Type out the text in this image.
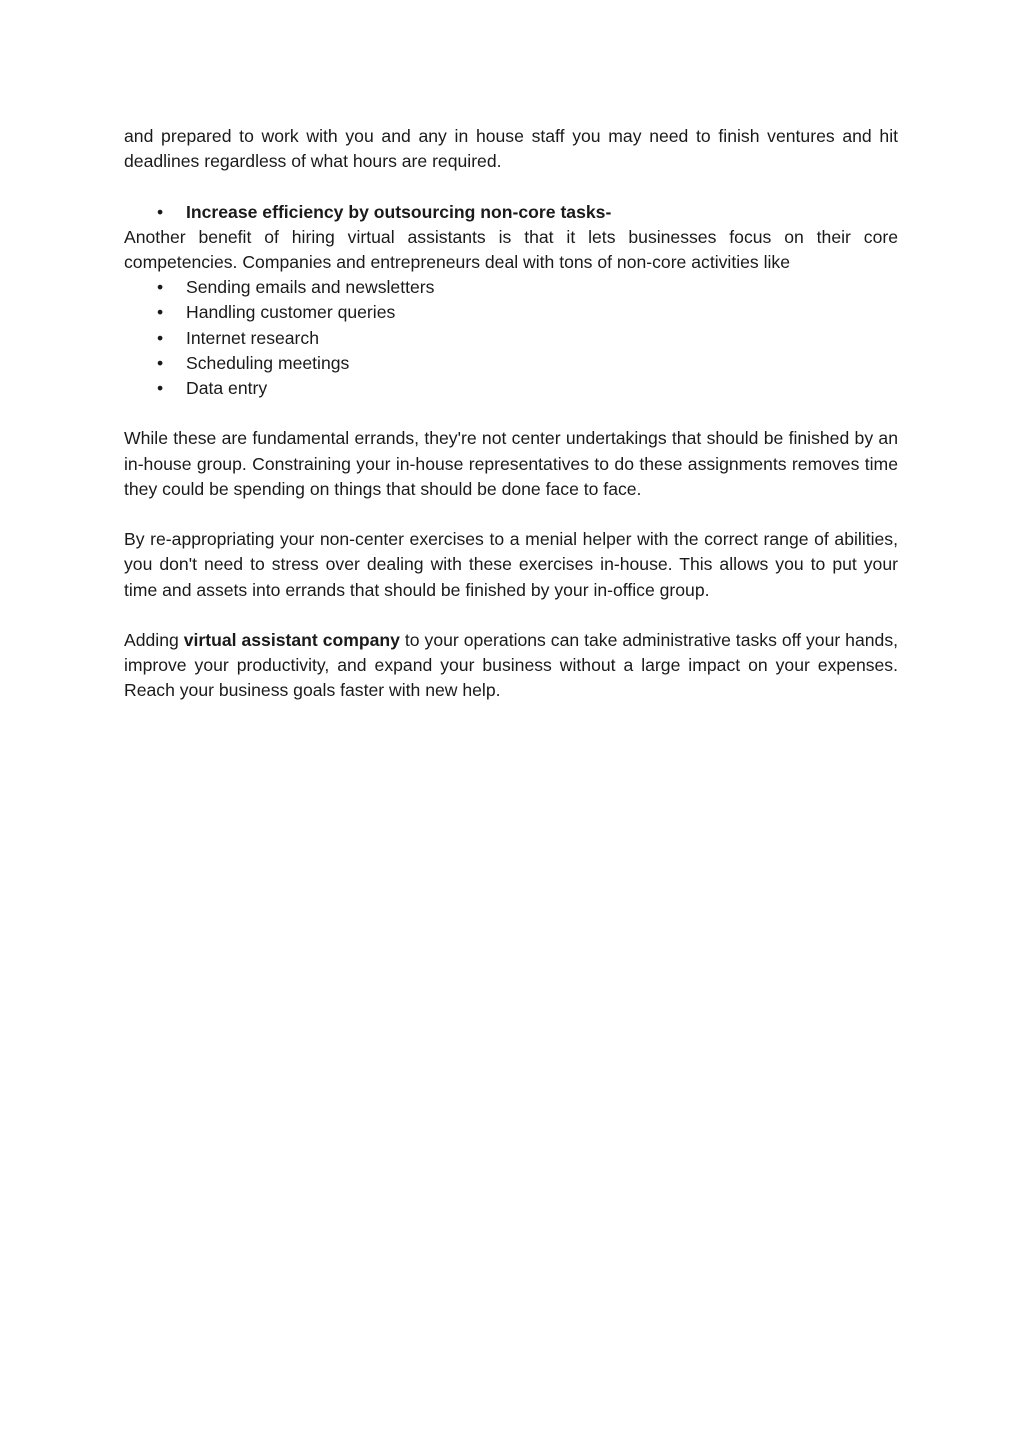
and prepared to work with you and any in house staff you may need to finish ventures and hit deadlines regardless of what hours are required.

• Increase efficiency by outsourcing non-core tasks-

Another benefit of hiring virtual assistants is that it lets businesses focus on their core competencies. Companies and entrepreneurs deal with tons of non-core activities like

• Sending emails and newsletters
• Handling customer queries
• Internet research
• Scheduling meetings
• Data entry

While these are fundamental errands, they're not center undertakings that should be finished by an in-house group. Constraining your in-house representatives to do these assignments removes time they could be spending on things that should be done face to face.

By re-appropriating your non-center exercises to a menial helper with the correct range of abilities, you don't need to stress over dealing with these exercises in-house. This allows you to put your time and assets into errands that should be finished by your in-office group.

Adding virtual assistant company to your operations can take administrative tasks off your hands, improve your productivity, and expand your business without a large impact on your expenses. Reach your business goals faster with new help.
